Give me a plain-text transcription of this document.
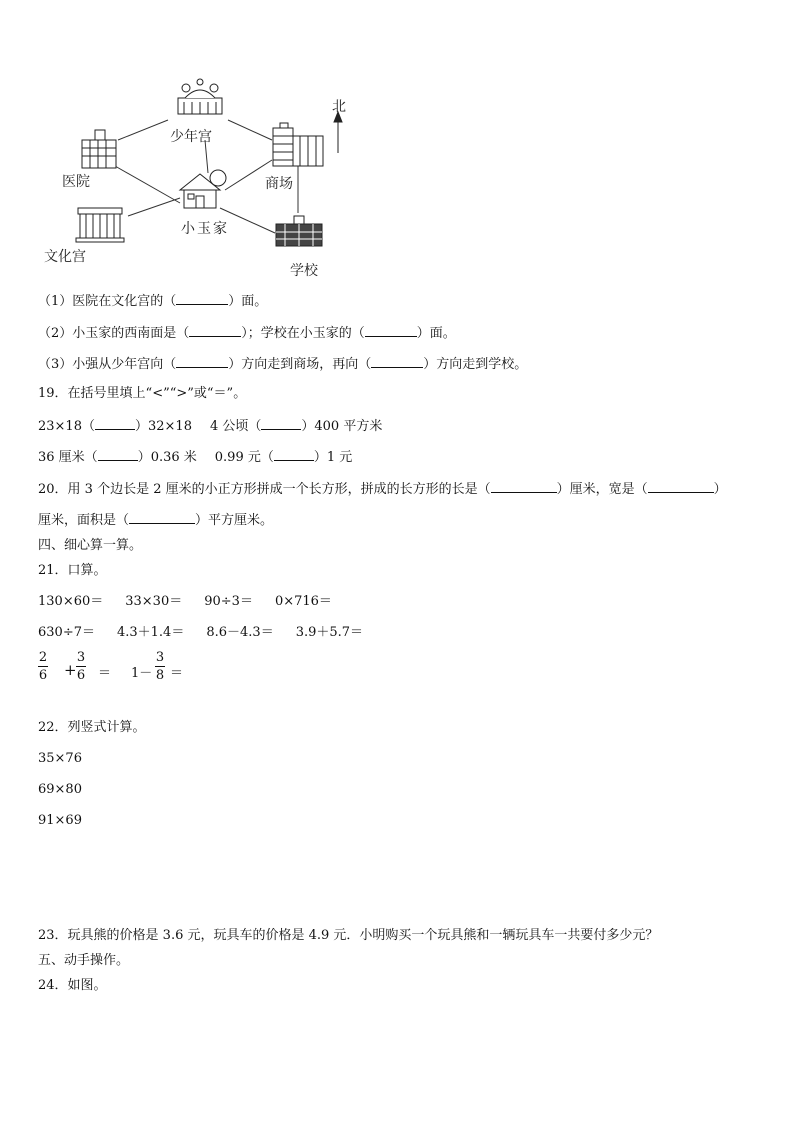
少年宫
医院	商场
小玉家
文化宫
学校
北
（1）医院在文化宫的（	）面。
（2）小玉家的西南面是（	）；学校在小玉家的（	）面。
（3）小强从少年宫向（	）方向走到商场，再向（	）方向走到学校。
19．在括号里填上“<”“>”或“＝”。
23×18（	）32×18 4 公顷（	）400 平方米
36 厘米（	）0.36 米 0.99 元（	）1 元
20．用 3 个边长是 2 厘米的小正方形拼成一个长方形，拼成的长方形的长是（	）厘米，宽是（	）
厘米，面积是（	）平方厘米。
四、细心算一算。
21．口算。
130×60＝ 33×30＝ 90÷3＝ 0×716＝
630÷7＝ 4.3＋1.4＝ 8.6－4.3＝ 3.9＋5.7＝
2
6 +
3
6 ＝ 1－
3
8 ＝
22．列竖式计算。
35×76
69×80
91×69
23．玩具熊的价格是 3.6 元，玩具车的价格是 4.9 元．小明购买一个玩具熊和一辆玩具车一共要付多少元？
五、动手操作。
24．如图。
